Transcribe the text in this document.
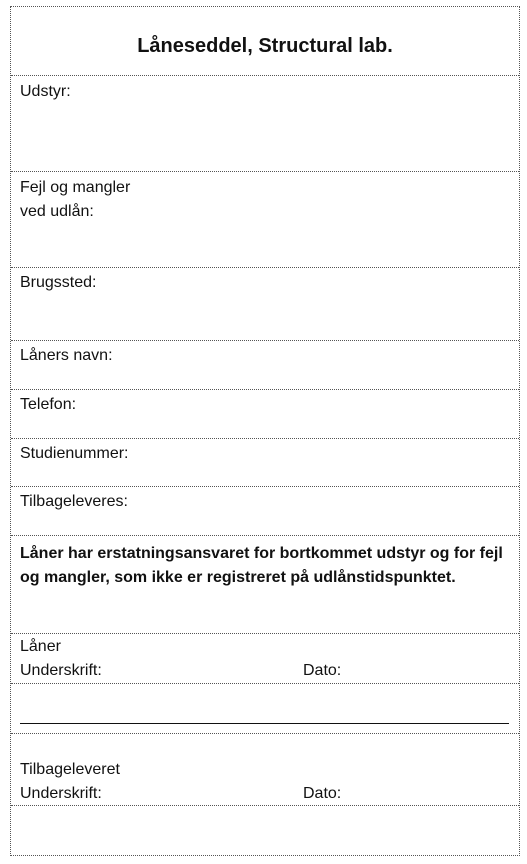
Låneseddel, Structural lab.
Udstyr:
Fejl og mangler
ved udlån:
Brugssted:
Låners navn:
Telefon:
Studienummer:
Tilbageleveres:
Låner har erstatningsansvaret for bortkommet udstyr og for fejl og mangler, som ikke er registreret på udlånstidspunktet.
Låner
Underskrift:	Dato:
Tilbageleveret
Underskrift:	Dato:
